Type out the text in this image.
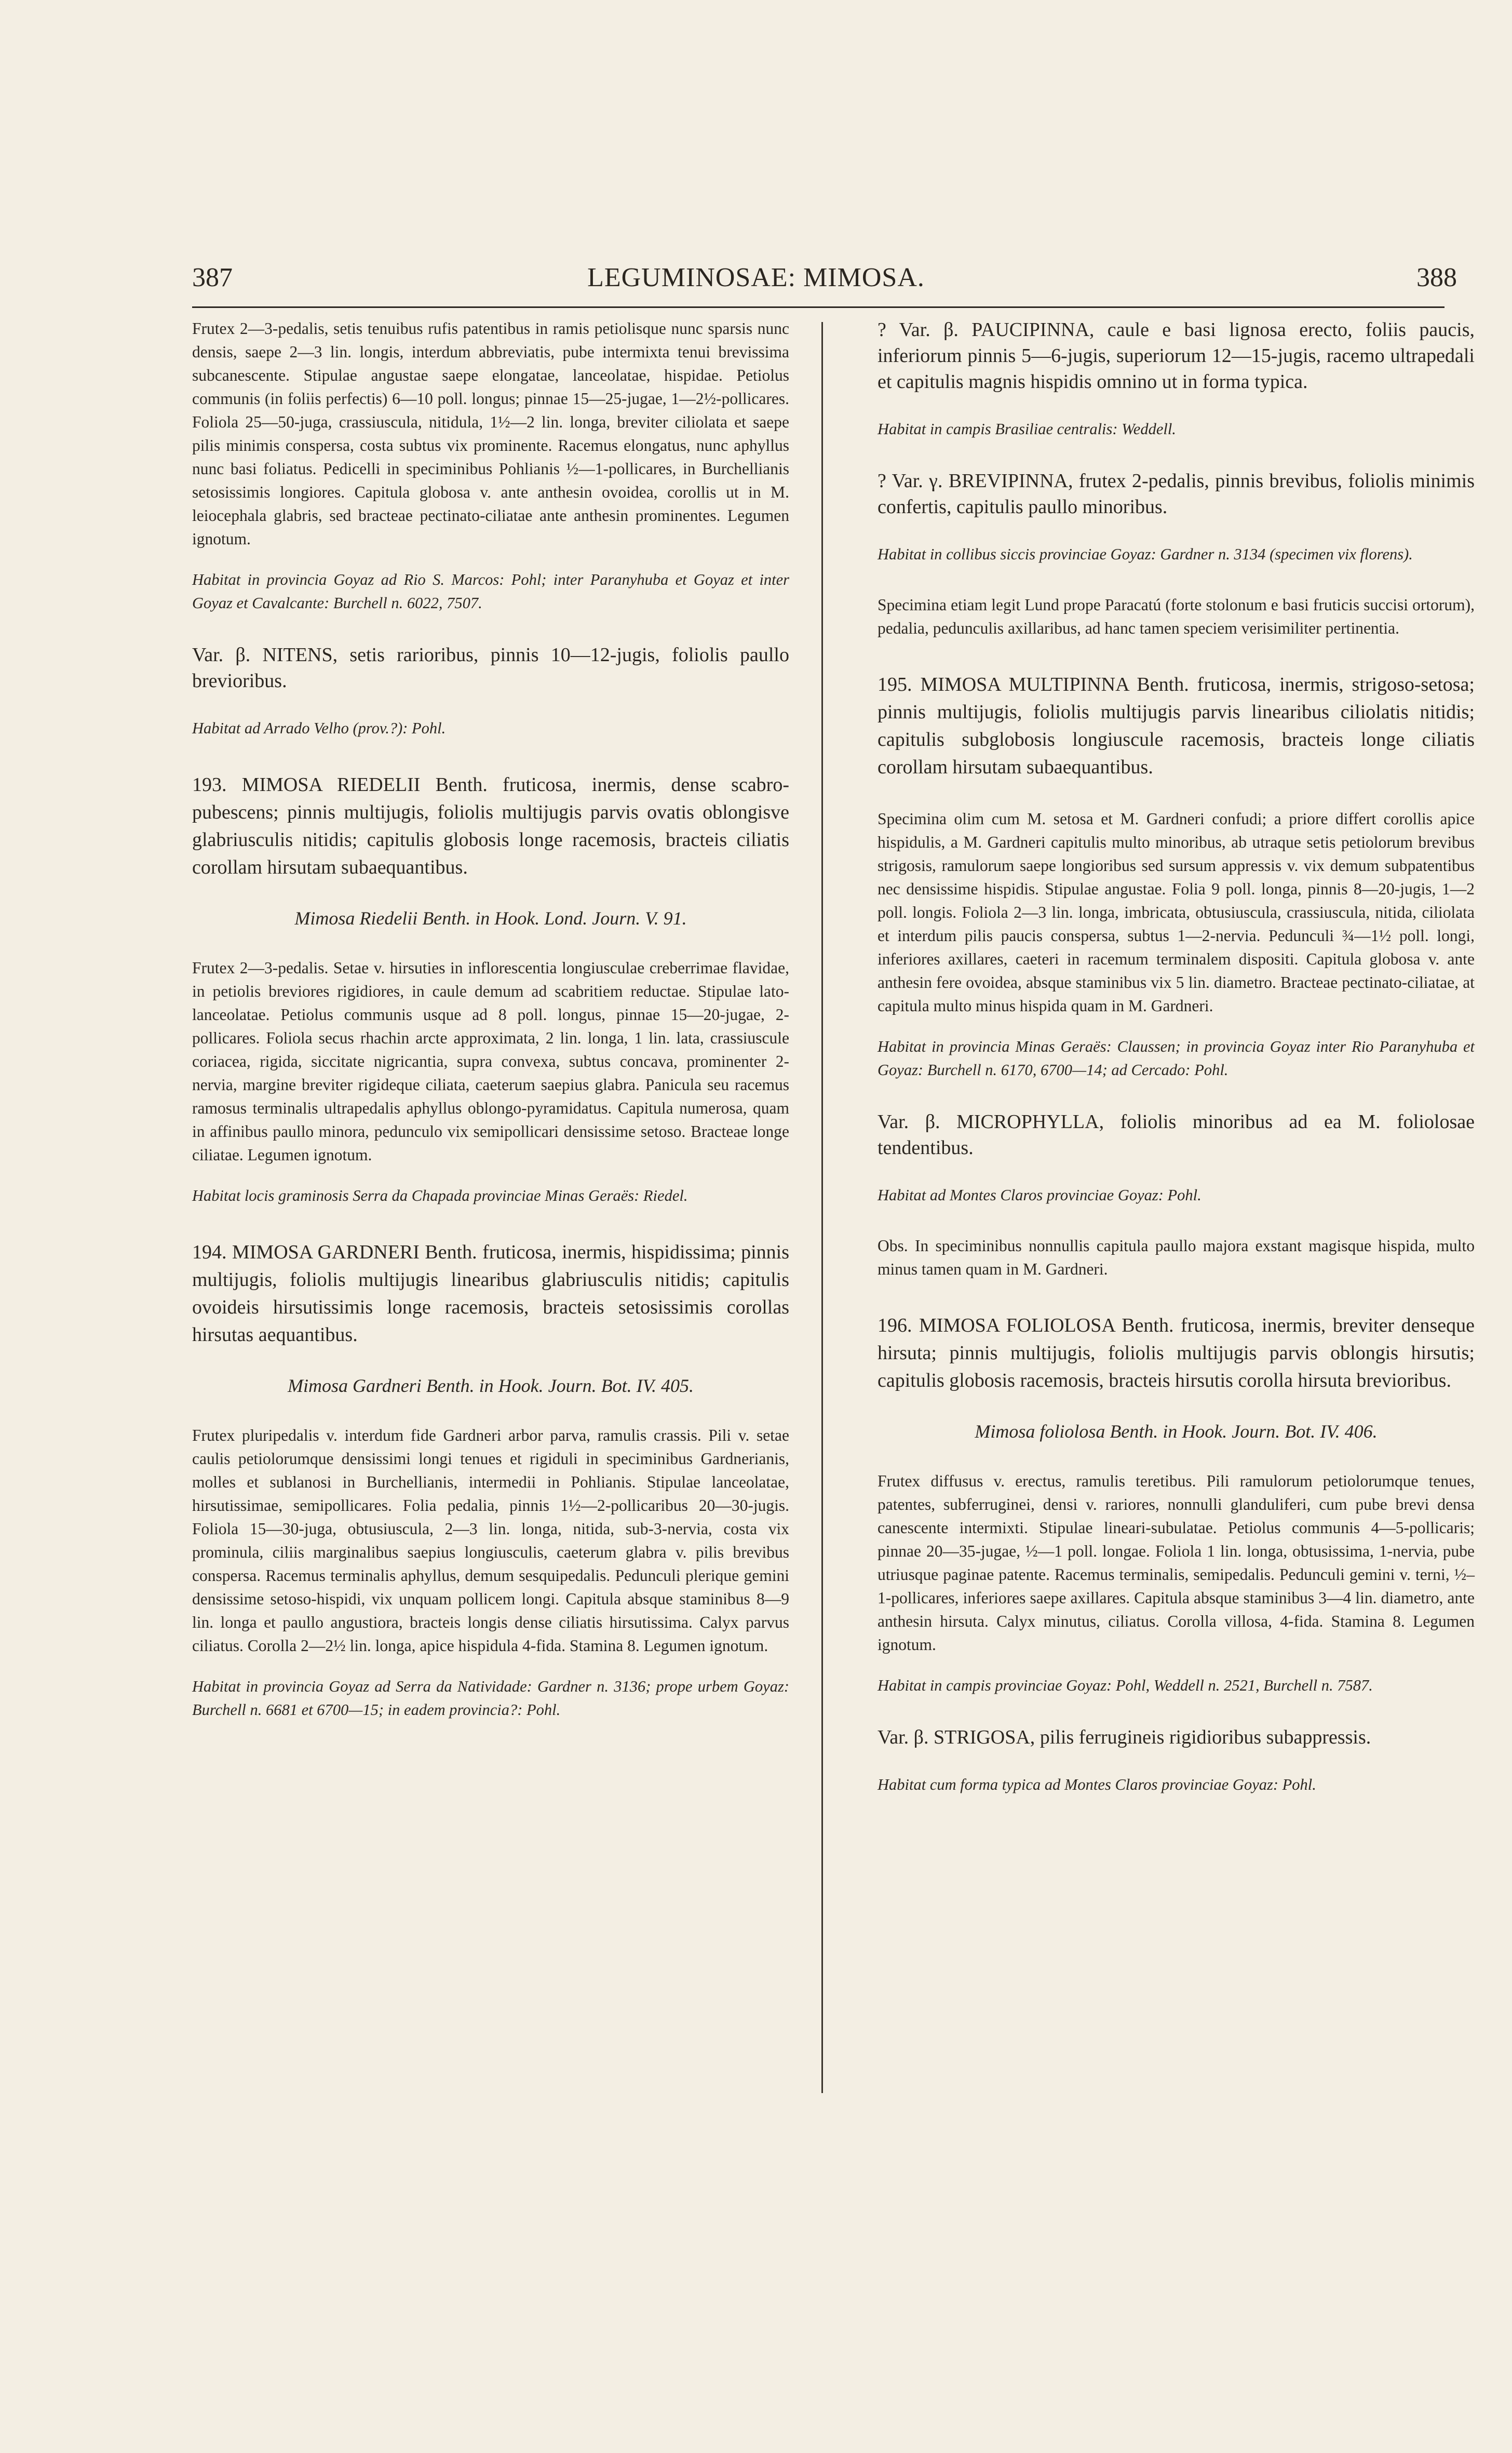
387	LEGUMINOSAE: MIMOSA.	388

Frutex 2—3-pedalis, setis tenuibus rufis patentibus in ramis petiolisque nunc sparsis nunc densis, saepe 2—3 lin. longis, interdum abbreviatis, pube intermixta tenui brevissima subcanescente. Stipulae angustae saepe elongatae, lanceolatae, hispidae. Petiolus communis (in foliis perfectis) 6—10 poll. longus; pinnae 15—25-jugae, 1—2½-pollicares. Foliola 25—50-juga, crassiuscula, nitidula, 1½—2 lin. longa, breviter ciliolata et saepe pilis minimis conspersa, costa subtus vix prominente. Racemus elongatus, nunc aphyllus nunc basi foliatus. Pedicelli in speciminibus Pohlianis ½—1-pollicares, in Burchellianis setosissimis longiores. Capitula globosa v. ante anthesin ovoidea, corollis ut in M. leiocephala glabris, sed bracteae pectinato-ciliatae ante anthesin prominentes. Legumen ignotum.

Habitat in provincia Goyaz ad Rio S. Marcos: Pohl; inter Paranyhuba et Goyaz et inter Goyaz et Cavalcante: Burchell n. 6022, 7507.

Var. β. NITENS, setis rarioribus, pinnis 10—12-jugis, foliolis paullo brevioribus.

Habitat ad Arrado Velho (prov.?): Pohl.

193. MIMOSA RIEDELII Benth. fruticosa, inermis, dense scabro-pubescens; pinnis multijugis, foliolis multijugis parvis ovatis oblongisve glabriusculis nitidis; capitulis globosis longe racemosis, bracteis ciliatis corollam hirsutam subaequantibus.

Mimosa Riedelii Benth. in Hook. Lond. Journ. V. 91.

Frutex 2—3-pedalis. Setae v. hirsuties in inflorescentia longiusculae creberrimae flavidae, in petiolis breviores rigidiores, in caule demum ad scabritiem reductae. Stipulae lato-lanceolatae. Petiolus communis usque ad 8 poll. longus, pinnae 15—20-jugae, 2-pollicares. Foliola secus rhachin arcte approximata, 2 lin. longa, 1 lin. lata, crassiuscule coriacea, rigida, siccitate nigricantia, supra convexa, subtus concava, prominenter 2-nervia, margine breviter rigideque ciliata, caeterum saepius glabra. Panicula seu racemus ramosus terminalis ultrapedalis aphyllus oblongo-pyramidatus. Capitula numerosa, quam in affinibus paullo minora, pedunculo vix semipollicari densissime setoso. Bracteae longe ciliatae. Legumen ignotum.

Habitat locis graminosis Serra da Chapada provinciae Minas Geraës: Riedel.

194. MIMOSA GARDNERI Benth. fruticosa, inermis, hispidissima; pinnis multijugis, foliolis multijugis linearibus glabriusculis nitidis; capitulis ovoideis hirsutissimis longe racemosis, bracteis setosissimis corollas hirsutas aequantibus.

Mimosa Gardneri Benth. in Hook. Journ. Bot. IV. 405.

Frutex pluripedalis v. interdum fide Gardneri arbor parva, ramulis crassis. Pili v. setae caulis petiolorumque densissimi longi tenues et rigiduli in speciminibus Gardnerianis, molles et sublanosi in Burchellianis, intermedii in Pohlianis. Stipulae lanceolatae, hirsutissimae, semipollicares. Folia pedalia, pinnis 1½—2-pollicaribus 20—30-jugis. Foliola 15—30-juga, obtusiuscula, 2—3 lin. longa, nitida, sub-3-nervia, costa vix prominula, ciliis marginalibus saepius longiusculis, caeterum glabra v. pilis brevibus conspersa. Racemus terminalis aphyllus, demum sesquipedalis. Pedunculi plerique gemini densissime setoso-hispidi, vix unquam pollicem longi. Capitula absque staminibus 8—9 lin. longa et paullo angustiora, bracteis longis dense ciliatis hirsutissima. Calyx parvus ciliatus. Corolla 2—2½ lin. longa, apice hispidula 4-fida. Stamina 8. Legumen ignotum.

Habitat in provincia Goyaz ad Serra da Natividade: Gardner n. 3136; prope urbem Goyaz: Burchell n. 6681 et 6700—15; in eadem provincia?: Pohl.

? Var. β. PAUCIPINNA, caule e basi lignosa erecto, foliis paucis, inferiorum pinnis 5—6-jugis, superiorum 12—15-jugis, racemo ultrapedali et capitulis magnis hispidis omnino ut in forma typica.

Habitat in campis Brasiliae centralis: Weddell.

? Var. γ. BREVIPINNA, frutex 2-pedalis, pinnis brevibus, foliolis minimis confertis, capitulis paullo minoribus.

Habitat in collibus siccis provinciae Goyaz: Gardner n. 3134 (specimen vix florens).

Specimina etiam legit Lund prope Paracatú (forte stolonum e basi fruticis succisi ortorum), pedalia, pedunculis axillaribus, ad hanc tamen speciem verisimiliter pertinentia.

195. MIMOSA MULTIPINNA Benth. fruticosa, inermis, strigoso-setosa; pinnis multijugis, foliolis multijugis parvis linearibus ciliolatis nitidis; capitulis subglobosis longiuscule racemosis, bracteis longe ciliatis corollam hirsutam subaequantibus.

Specimina olim cum M. setosa et M. Gardneri confudi; a priore differt corollis apice hispidulis, a M. Gardneri capitulis multo minoribus, ab utraque setis petiolorum brevibus strigosis, ramulorum saepe longioribus sed sursum appressis v. vix demum subpatentibus nec densissime hispidis. Stipulae angustae. Folia 9 poll. longa, pinnis 8—20-jugis, 1—2 poll. longis. Foliola 2—3 lin. longa, imbricata, obtusiuscula, crassiuscula, nitida, ciliolata et interdum pilis paucis conspersa, subtus 1—2-nervia. Pedunculi ¾—1½ poll. longi, inferiores axillares, caeteri in racemum terminalem dispositi. Capitula globosa v. ante anthesin fere ovoidea, absque staminibus vix 5 lin. diametro. Bracteae pectinato-ciliatae, at capitula multo minus hispida quam in M. Gardneri.

Habitat in provincia Minas Geraës: Claussen; in provincia Goyaz inter Rio Paranyhuba et Goyaz: Burchell n. 6170, 6700—14; ad Cercado: Pohl.

Var. β. MICROPHYLLA, foliolis minoribus ad ea M. foliolosae tendentibus.

Habitat ad Montes Claros provinciae Goyaz: Pohl.

Obs. In speciminibus nonnullis capitula paullo majora exstant magisque hispida, multo minus tamen quam in M. Gardneri.

196. MIMOSA FOLIOLOSA Benth. fruticosa, inermis, breviter denseque hirsuta; pinnis multijugis, foliolis multijugis parvis oblongis hirsutis; capitulis globosis racemosis, bracteis hirsutis corolla hirsuta brevioribus.

Mimosa foliolosa Benth. in Hook. Journ. Bot. IV. 406.

Frutex diffusus v. erectus, ramulis teretibus. Pili ramulorum petiolorumque tenues, patentes, subferruginei, densi v. rariores, nonnulli glanduliferi, cum pube brevi densa canescente intermixti. Stipulae lineari-subulatae. Petiolus communis 4—5-pollicaris; pinnae 20—35-jugae, ½—1 poll. longae. Foliola 1 lin. longa, obtusissima, 1-nervia, pube utriusque paginae patente. Racemus terminalis, semipedalis. Pedunculi gemini v. terni, ½–1-pollicares, inferiores saepe axillares. Capitula absque staminibus 3—4 lin. diametro, ante anthesin hirsuta. Calyx minutus, ciliatus. Corolla villosa, 4-fida. Stamina 8. Legumen ignotum.

Habitat in campis provinciae Goyaz: Pohl, Weddell n. 2521, Burchell n. 7587.

Var. β. STRIGOSA, pilis ferrugineis rigidioribus subappressis.

Habitat cum forma typica ad Montes Claros provinciae Goyaz: Pohl.
